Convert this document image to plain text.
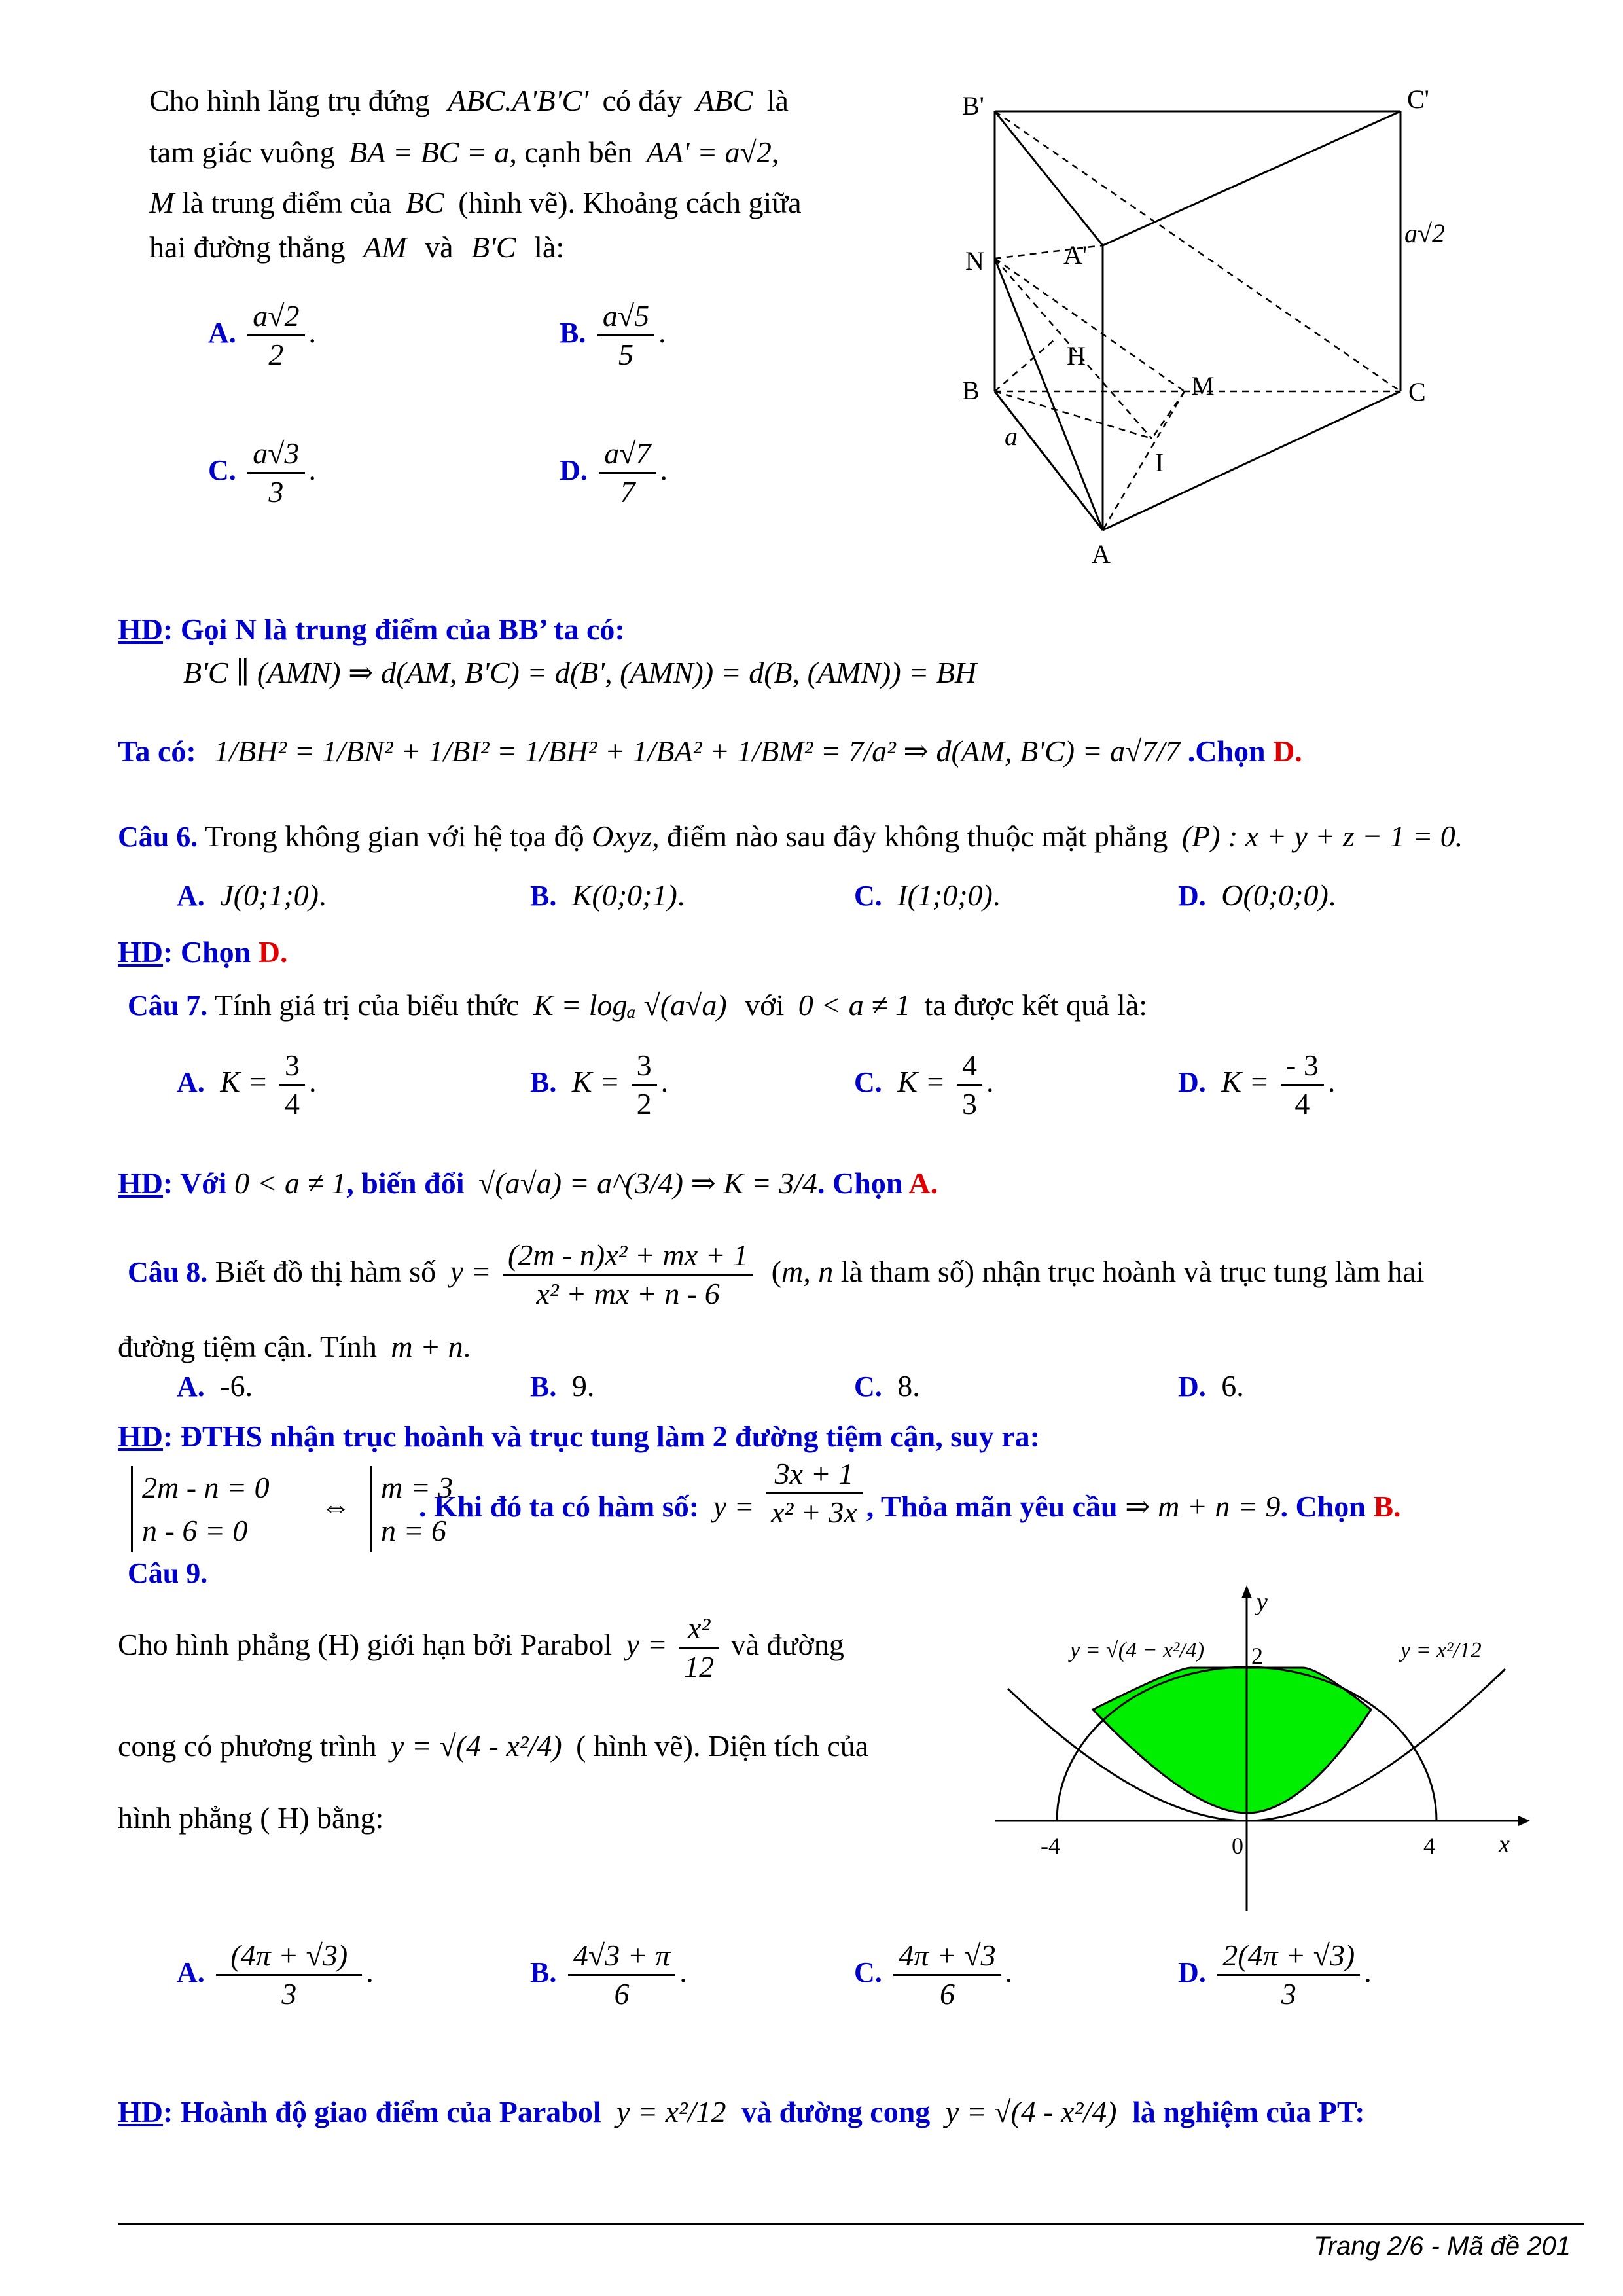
Cho hình lăng trụ đứng ABC.A'B'C' có đáy ABC là
tam giác vuông BA = BC = a, cạnh bên AA' = a√2,
M là trung điểm của BC (hình vẽ). Khoảng cách giữa
hai đường thẳng AM và B'C là:
A. $\frac{a√2}{2}$ .	B. $\frac{a√5}{5}$ .
C. $\frac{a√3}{3}$ .	D. $\frac{a√7}{7}$ .
B'	C'
A'
N
H
B	M	C
I
A
a
a√2
HD: Gọi N là trung điểm của BB’ ta có:
B'C ∥ (AMN) ⇒ d(AM, B'C) = d(B', (AMN)) = d(B, (AMN)) = BH
Ta có: 1/BH² = 1/BN² + 1/BI² = 1/BH² + 1/BA² + 1/BM² = 7/a² ⇒ d(AM, B'C) = a√7/7 .Chọn D.
Câu 6. Trong không gian với hệ tọa độ Oxyz, điểm nào sau đây không thuộc mặt phẳng (P) : x + y + z − 1 = 0.
A. J(0;1;0).	B. K(0;0;1).	C. I(1;0;0).	D. O(0;0;0).
HD: Chọn D.
Câu 7. Tính giá trị của biểu thức K = logₐ √(a√a) với 0 < a ≠ 1 ta được kết quả là:
A. $K = \frac{3}{4}$ .	B. $K = \frac{3}{2}$ .	C. $K = \frac{4}{3}$ .	D. $K = \frac{- 3}{4}$ .
HD: Với 0 < a ≠ 1, biến đổi √(a√a) = a^(3/4) ⇒ K = 3/4. Chọn A.
Câu 8. Biết đồ thị hàm số $y = \frac{\text{(2m - n)x² + mx + 1}}{\text{x² + mx + n - 6}} (m$, n là tham số) nhận trục hoành và trục tung làm hai
đường tiệm cận. Tính m + n.
A. -6.	B. 9.	C. 8.	D. 6.
HD: ĐTHS nhận trục hoành và trục tung làm 2 đường tiệm cận, suy ra:
2m - n = 0
n - 6 = 0
⇔
m = 3
n = 6
. Khi đó ta có hàm số: $y = \frac{3x + 1}{\text{x² + 3x}}$ , Thỏa mãn yêu cầu ⇒ m + n = 9. Chọn B.
Câu 9.
Cho hình phẳng (H) giới hạn bởi Parabol $y = \frac{\text{x²}}{12}$ và đường
cong có phương trình y = √(4 - x²/4) ( hình vẽ). Diện tích của
hình phẳng ( H) bằng:
y
x
-4	0	4
2
y = √(4 − x²/4)	y = x²/12
A. $\frac{(4\pi + √3)}{3}$ .	B. $\frac{4√3 + \pi}{6}$ .	C. $\frac{4\pi + √3}{6}$ .	D. $\frac{2(4\pi + √3)}{3}$ .
HD: Hoành độ giao điểm của Parabol y = x²/12 và đường cong y = √(4 - x²/4) là nghiệm của PT:
Trang 2/6 - Mã đề 201
